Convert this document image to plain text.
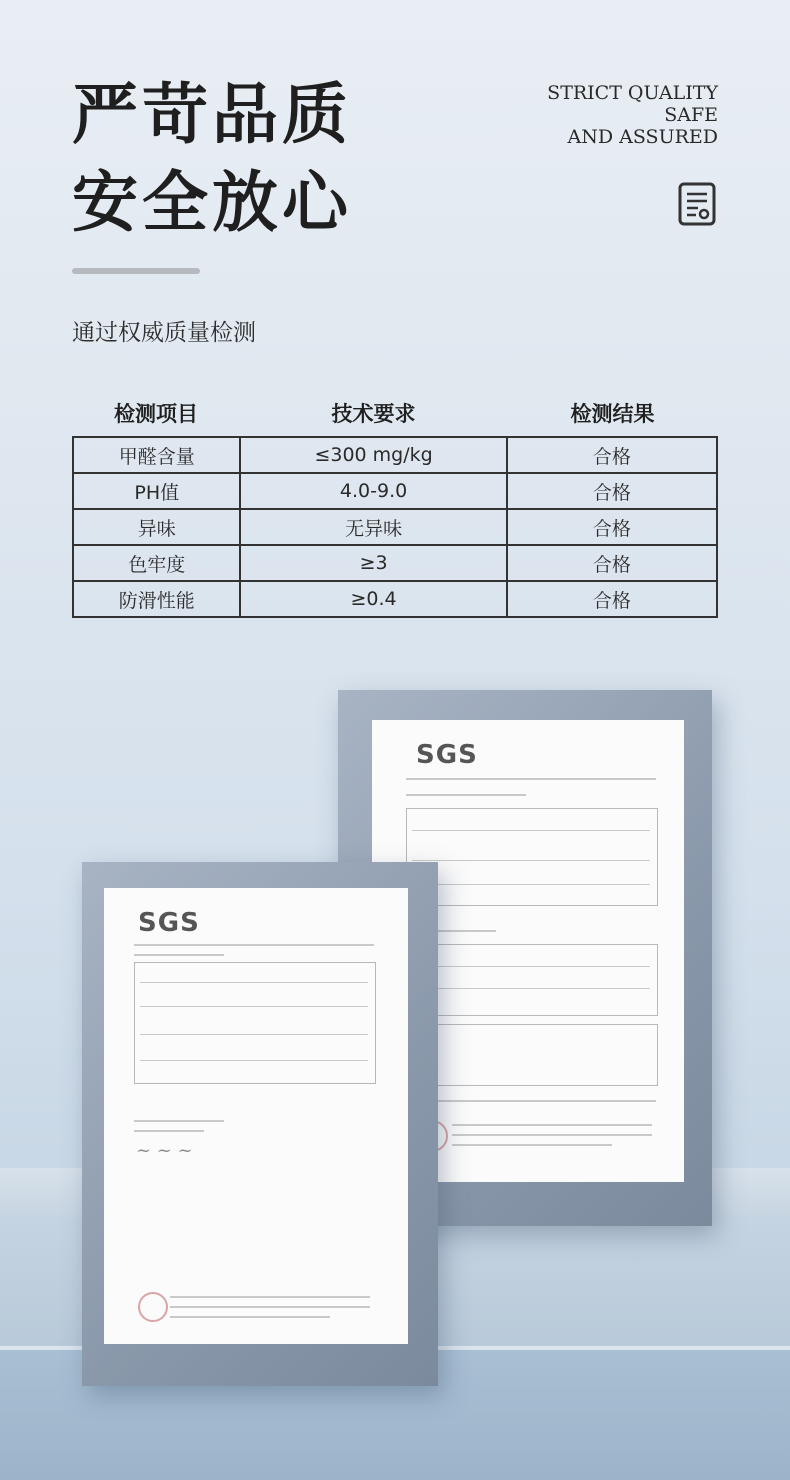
严苛品质
安全放心
STRICT QUALITY
SAFE
AND ASSURED
通过权威质量检测
检测项目	技术要求	检测结果
甲醛含量	≤300 mg/kg	合格
PH值	4.0-9.0	合格
异味	无异味	合格
色牢度	≥3	合格
防滑性能	≥0.4	合格
SGS
SGS
~ ~ ~
